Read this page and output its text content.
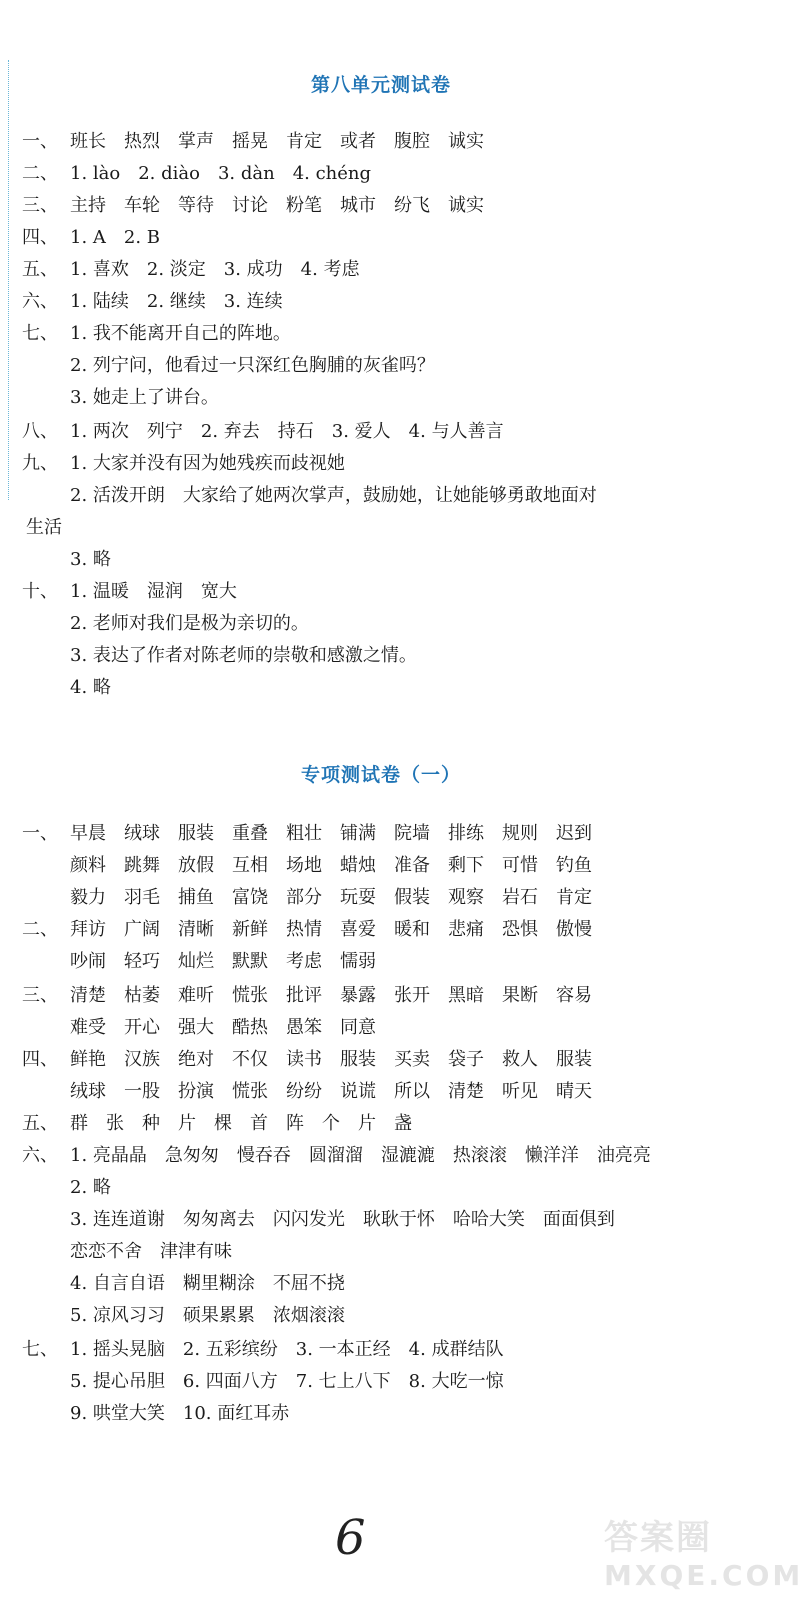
第八单元测试卷
一、 班长　热烈　掌声　摇晃　肯定　或者　腹腔　诚实
二、 1. lào　2. diào　3. dàn　4. chéng
三、 主持　车轮　等待　讨论　粉笔　城市　纷飞　诚实
四、 1. A　2. B
五、 1. 喜欢　2. 淡定　3. 成功　4. 考虑
六、 1. 陆续　2. 继续　3. 连续
七、 1. 我不能离开自己的阵地。
2. 列宁问，他看过一只深红色胸脯的灰雀吗？
3. 她走上了讲台。
八、 1. 两次　列宁　2. 弃去　持石　3. 爱人　4. 与人善言
九、 1. 大家并没有因为她残疾而歧视她
2. 活泼开朗　大家给了她两次掌声，鼓励她，让她能够勇敢地面对
生活
3. 略
十、 1. 温暖　湿润　宽大
2. 老师对我们是极为亲切的。
3. 表达了作者对陈老师的崇敬和感激之情。
4. 略
专项测试卷（一）
一、 早晨　绒球　服装　重叠　粗壮　铺满　院墙　排练　规则　迟到
颜料　跳舞　放假　互相　场地　蜡烛　准备　剩下　可惜　钓鱼
毅力　羽毛　捕鱼　富饶　部分　玩耍　假装　观察　岩石　肯定
二、 拜访　广阔　清晰　新鲜　热情　喜爱　暖和　悲痛　恐惧　傲慢
吵闹　轻巧　灿烂　默默　考虑　懦弱
三、 清楚　枯萎　难听　慌张　批评　暴露　张开　黑暗　果断　容易
难受　开心　强大　酷热　愚笨　同意
四、 鲜艳　汉族　绝对　不仅　读书　服装　买卖　袋子　救人　服装
绒球　一股　扮演　慌张　纷纷　说谎　所以　清楚　听见　晴天
五、 群　张　种　片　棵　首　阵　个　片　盏
六、 1. 亮晶晶　急匆匆　慢吞吞　圆溜溜　湿漉漉　热滚滚　懒洋洋　油亮亮
2. 略
3. 连连道谢　匆匆离去　闪闪发光　耿耿于怀　哈哈大笑　面面俱到
恋恋不舍　津津有味
4. 自言自语　糊里糊涂　不屈不挠
5. 凉风习习　硕果累累　浓烟滚滚
七、 1. 摇头晃脑　2. 五彩缤纷　3. 一本正经　4. 成群结队
5. 提心吊胆　6. 四面八方　7. 七上八下　8. 大吃一惊
9. 哄堂大笑　10. 面红耳赤
6	答案圈
MXQE.COM
